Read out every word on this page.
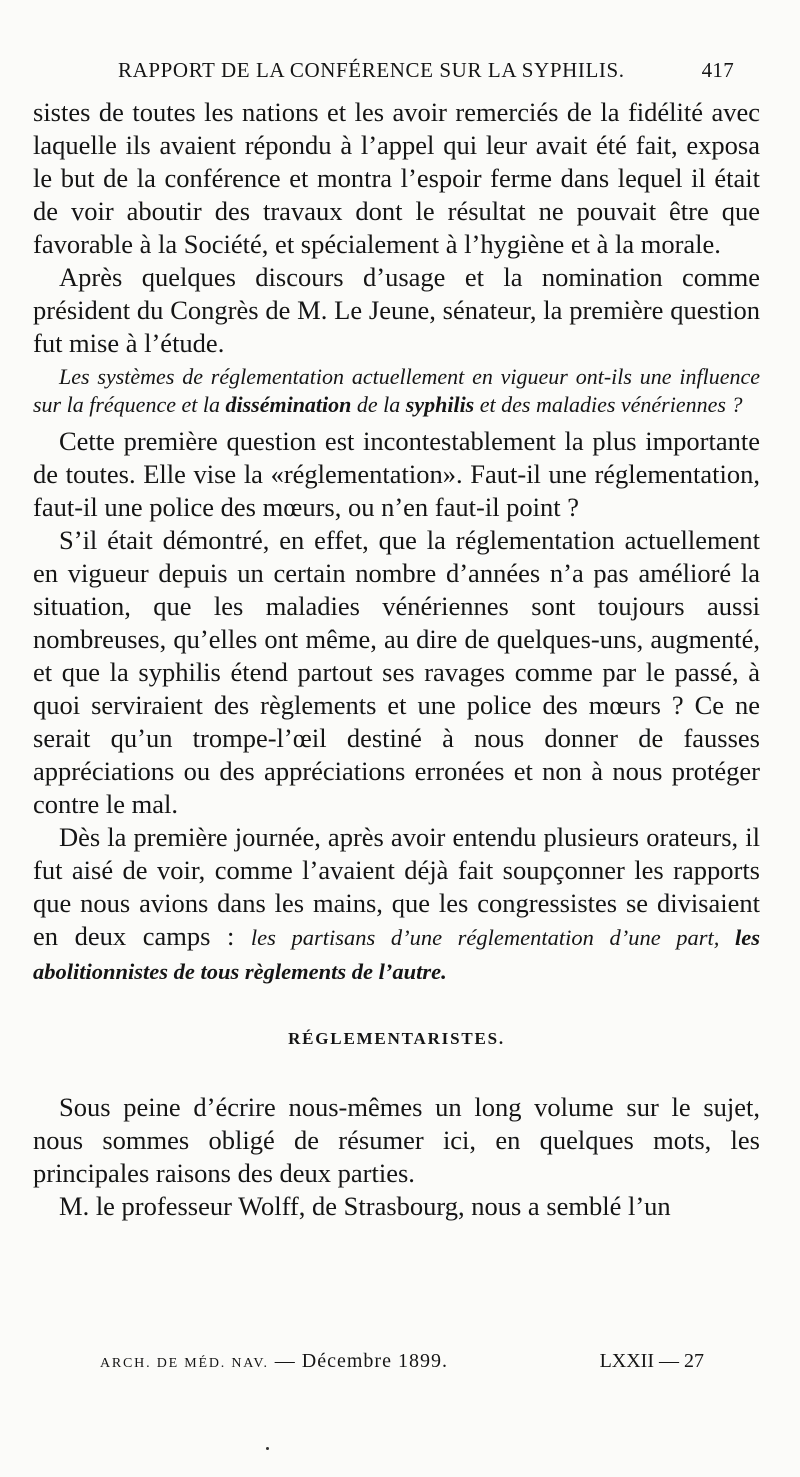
RAPPORT DE LA CONFÉRENCE SUR LA SYPHILIS.	417

sistes de toutes les nations et les avoir remerciés de la fidélité avec laquelle ils avaient répondu à l’appel qui leur avait été fait, exposa le but de la conférence et montra l’espoir ferme dans lequel il était de voir aboutir des travaux dont le résultat ne pouvait être que favorable à la Société, et spécialement à l’hygiène et à la morale.

Après quelques discours d’usage et la nomination comme président du Congrès de M. Le Jeune, sénateur, la première question fut mise à l’étude.

Les systèmes de réglementation actuellement en vigueur ont-ils une influence sur la fréquence et la dissémination de la syphilis et des maladies vénériennes ?

Cette première question est incontestablement la plus importante de toutes. Elle vise la «réglementation». Faut-il une réglementation, faut-il une police des mœurs, ou n’en faut-il point ?

S’il était démontré, en effet, que la réglementation actuellement en vigueur depuis un certain nombre d’années n’a pas amélioré la situation, que les maladies vénériennes sont toujours aussi nombreuses, qu’elles ont même, au dire de quelques-uns, augmenté, et que la syphilis étend partout ses ravages comme par le passé, à quoi serviraient des règlements et une police des mœurs ? Ce ne serait qu’un trompe-l’œil destiné à nous donner de fausses appréciations ou des appréciations erronées et non à nous protéger contre le mal.

Dès la première journée, après avoir entendu plusieurs orateurs, il fut aisé de voir, comme l’avaient déjà fait soupçonner les rapports que nous avions dans les mains, que les congressistes se divisaient en deux camps : les partisans d’une réglementation d’une part, les abolitionnistes de tous règlements de l’autre.

RÉGLEMENTARISTES.

Sous peine d’écrire nous-mêmes un long volume sur le sujet, nous sommes obligé de résumer ici, en quelques mots, les principales raisons des deux parties.

M. le professeur Wolff, de Strasbourg, nous a semblé l’un

ARCH. DE MÉD. NAV. — Décembre 1899.	LXXII — 27
